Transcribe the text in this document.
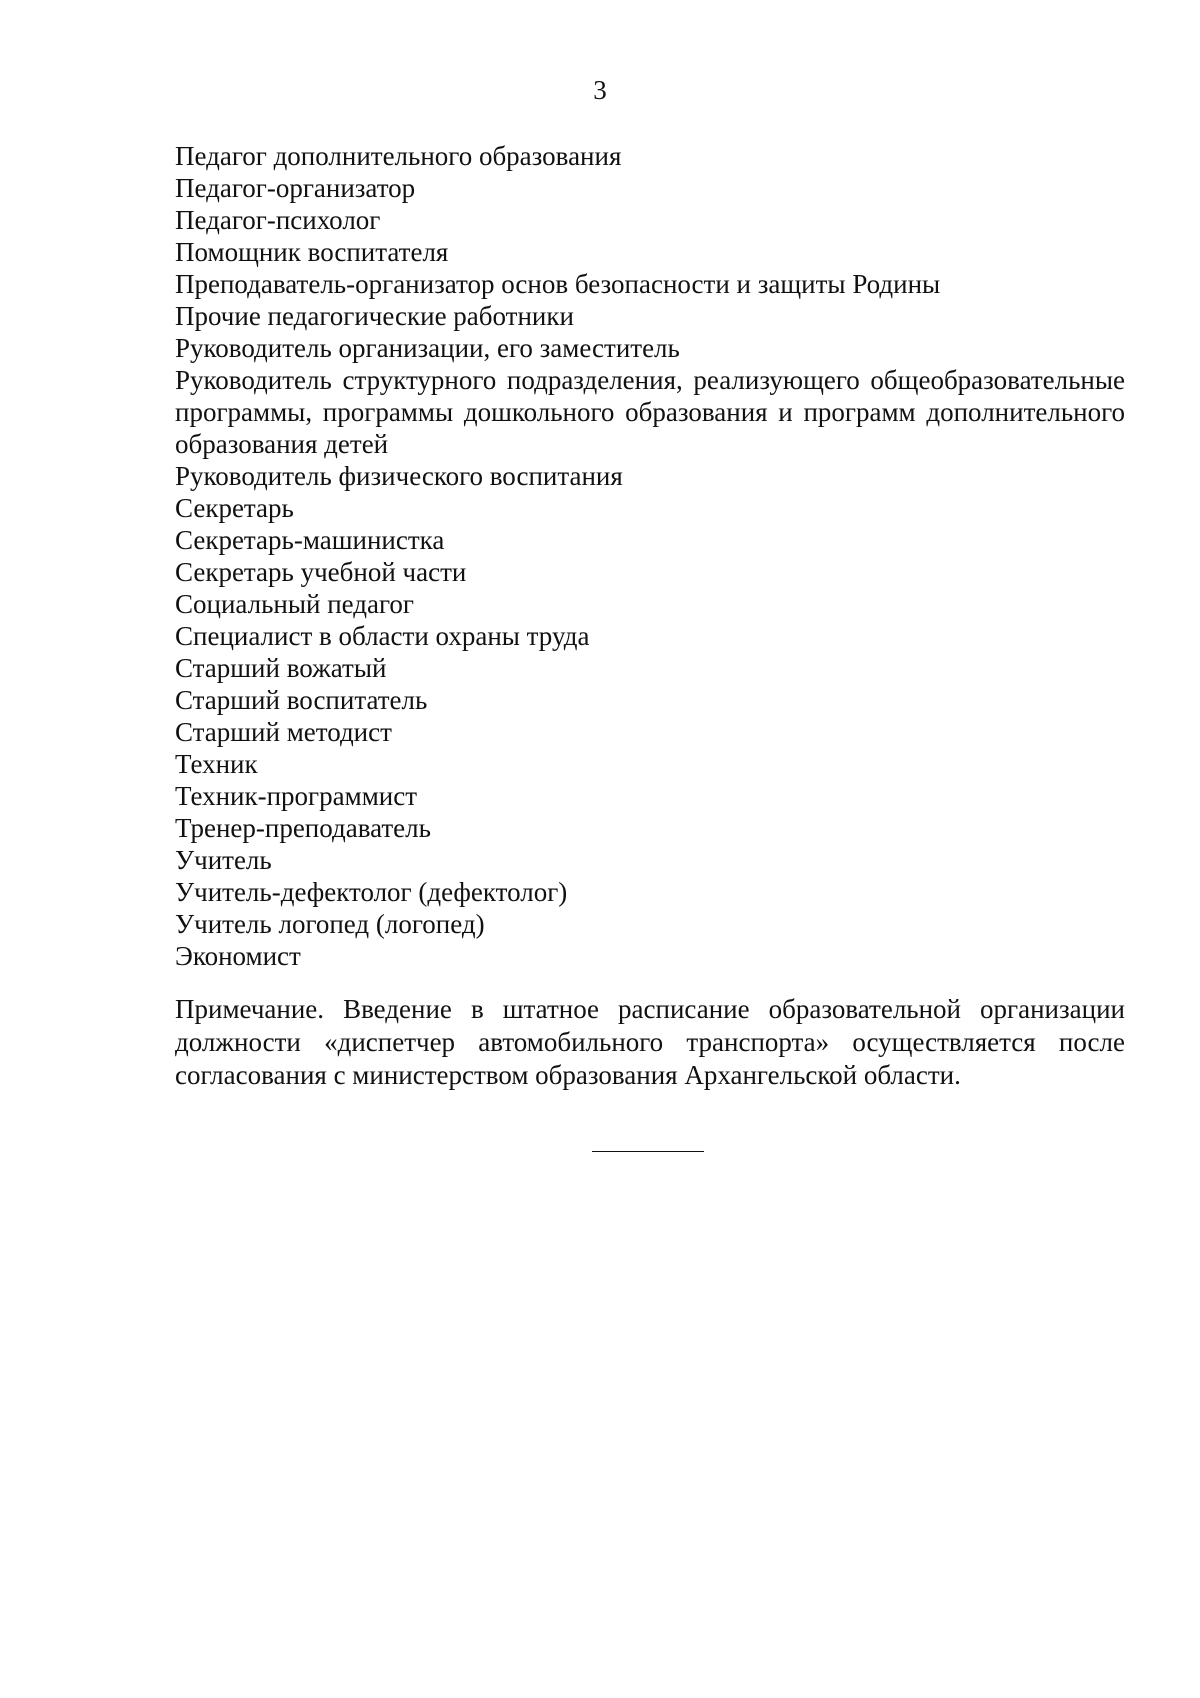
3
Педагог дополнительного образования
Педагог-организатор
Педагог-психолог
Помощник воспитателя
Преподаватель-организатор основ безопасности и защиты Родины
Прочие педагогические работники
Руководитель организации, его заместитель
Руководитель структурного подразделения, реализующего общеобразовательные программы, программы дошкольного образования и программ дополнительного образования детей
Руководитель физического воспитания
Секретарь
Секретарь-машинистка
Секретарь учебной части
Социальный педагог
Специалист в области охраны труда
Старший вожатый
Старший воспитатель
Старший методист
Техник
Техник-программист
Тренер-преподаватель
Учитель
Учитель-дефектолог (дефектолог)
Учитель логопед (логопед)
Экономист

Примечание. Введение в штатное расписание образовательной организации должности «диспетчер автомобильного транспорта» осуществляется после согласования с министерством образования Архангельской области.
